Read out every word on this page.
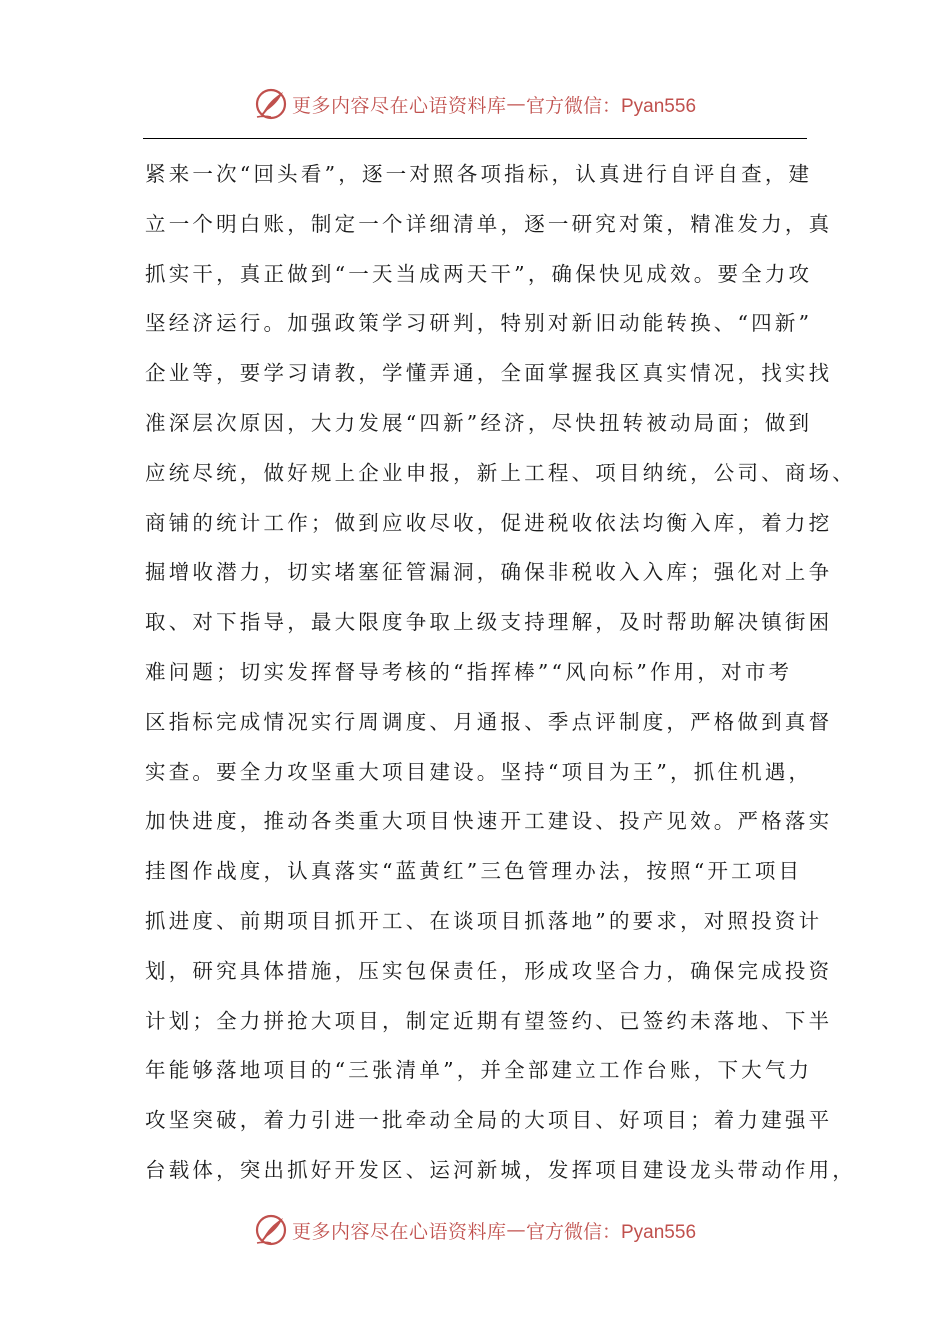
更多内容尽在心语资料库 — 官方微信：Pyan556
紧来一次“回头看”，逐一对照各项指标，认真进行自评自查，建
立一个明白账，制定一个详细清单，逐一研究对策，精准发力，真
抓实干，真正做到“一天当成两天干”，确保快见成效。要全力攻
坚经济运行。加强政策学习研判，特别对新旧动能转换、“四新”
企业等，要学习请教，学懂弄通，全面掌握我区真实情况，找实找
准深层次原因，大力发展“四新”经济，尽快扭转被动局面；做到
应统尽统，做好规上企业申报，新上工程、项目纳统，公司、商场、
商铺的统计工作；做到应收尽收，促进税收依法均衡入库，着力挖
掘增收潜力，切实堵塞征管漏洞，确保非税收入入库；强化对上争
取、对下指导，最大限度争取上级支持理解，及时帮助解决镇街困
难问题；切实发挥督导考核的“指挥棒”“风向标”作用，对市考
区指标完成情况实行周调度、月通报、季点评制度，严格做到真督
实查。要全力攻坚重大项目建设。坚持“项目为王”，抓住机遇，
加快进度，推动各类重大项目快速开工建设、投产见效。严格落实
挂图作战度，认真落实“蓝黄红”三色管理办法，按照“开工项目
抓进度、前期项目抓开工、在谈项目抓落地”的要求，对照投资计
划，研究具体措施，压实包保责任，形成攻坚合力，确保完成投资
计划；全力拼抢大项目，制定近期有望签约、已签约未落地、下半
年能够落地项目的“三张清单”，并全部建立工作台账，下大气力
攻坚突破，着力引进一批牵动全局的大项目、好项目；着力建强平
台载体，突出抓好开发区、运河新城，发挥项目建设龙头带动作用，
更多内容尽在心语资料库 — 官方微信：Pyan556
